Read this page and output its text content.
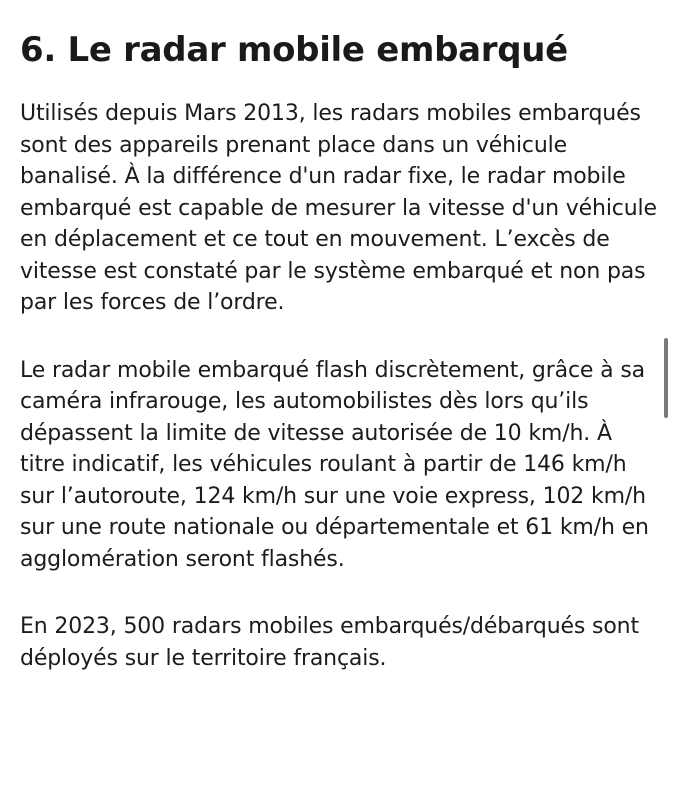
6. Le radar mobile embarqué

Utilisés depuis Mars 2013, les radars mobiles embarqués sont des appareils prenant place dans un véhicule banalisé. À la différence d'un radar fixe, le radar mobile embarqué est capable de mesurer la vitesse d'un véhicule en déplacement et ce tout en mouvement. L’excès de vitesse est constaté par le système embarqué et non pas par les forces de l’ordre.

Le radar mobile embarqué flash discrètement, grâce à sa caméra infrarouge, les automobilistes dès lors qu’ils dépassent la limite de vitesse autorisée de 10 km/h. À titre indicatif, les véhicules roulant à partir de 146 km/h sur l’autoroute, 124 km/h sur une voie express, 102 km/h sur une route nationale ou départementale et 61 km/h en agglomération seront flashés.

En 2023, 500 radars mobiles embarqués/débarqués sont déployés sur le territoire français.
